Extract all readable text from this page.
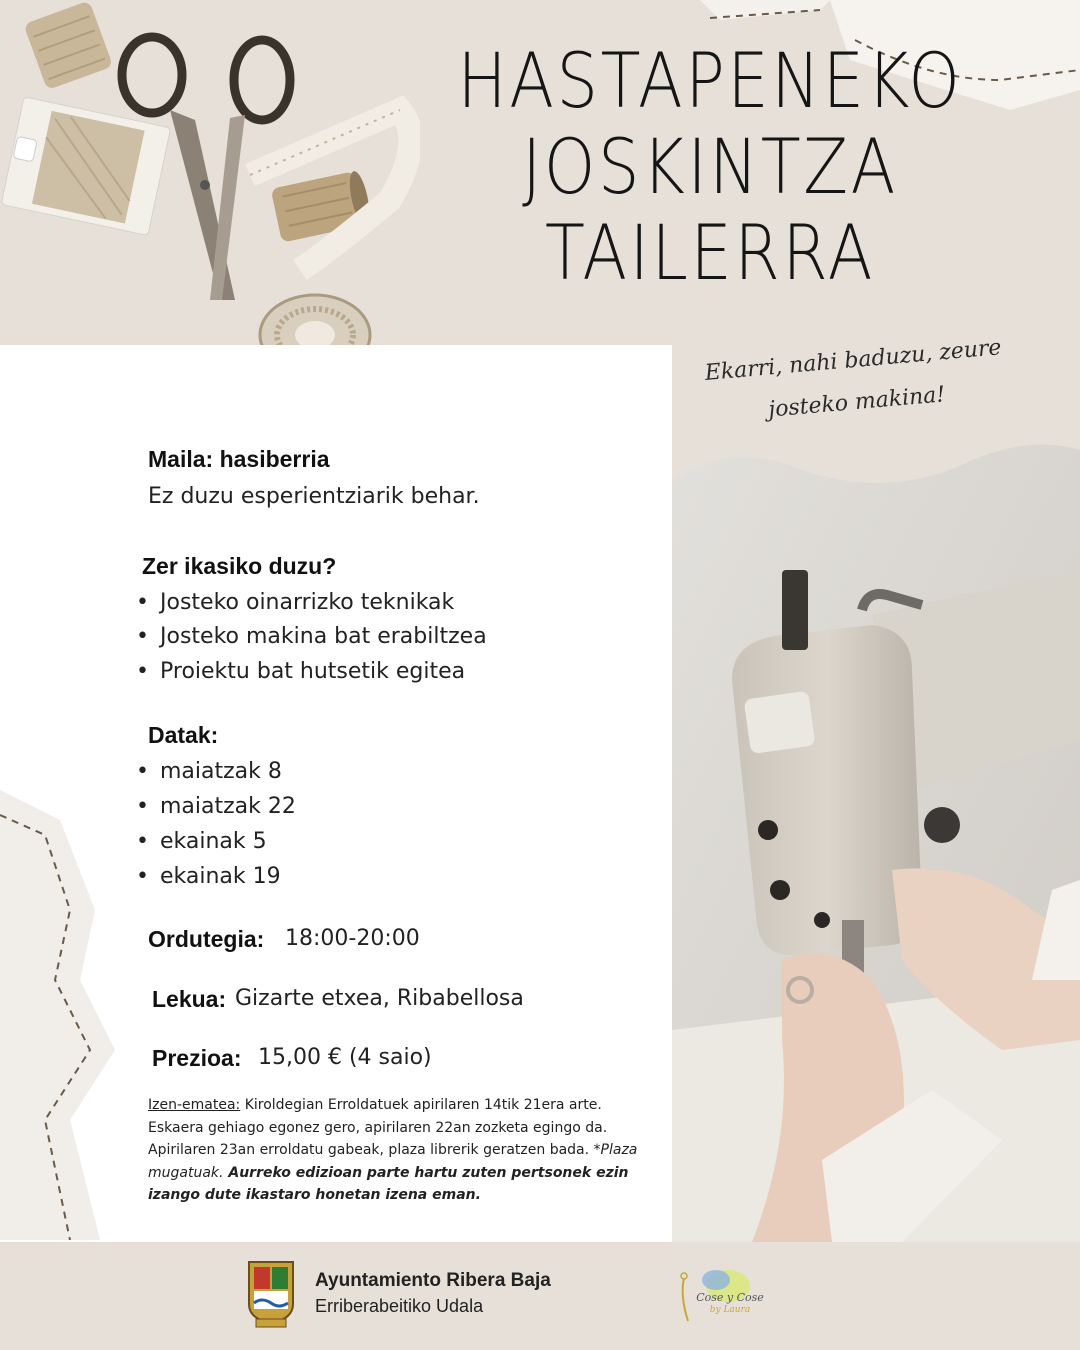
HASTAPENEKO
JOSKINTZA
TAILERRA
Ekarri, nahi baduzu, zeure
josteko makina!
Maila: hasiberria
Ez duzu esperientziarik behar.
Zer ikasiko duzu?
• Josteko oinarrizko teknikak
• Josteko makina bat erabiltzea
• Proiektu bat hutsetik egitea
Datak:
• maiatzak 8
• maiatzak 22
• ekainak 5
• ekainak 19
Ordutegia: 18:00-20:00
Lekua: Gizarte etxea, Ribabellosa
Prezioa: 15,00 € (4 saio)
Izen-ematea: Kiroldegian Erroldatuek apirilaren 14tik 21era arte. Eskaera gehiago egonez gero, apirilaren 22an zozketa egingo da. Apirilaren 23an erroldatu gabeak, plaza librerik geratzen bada. *Plaza mugatuak. Aurreko edizioan parte hartu zuten pertsonek ezin izango dute ikastaro honetan izena eman.
Ayuntamiento Ribera Baja
Erriberabeitiko Udala	Cose y Cose
by Laura
